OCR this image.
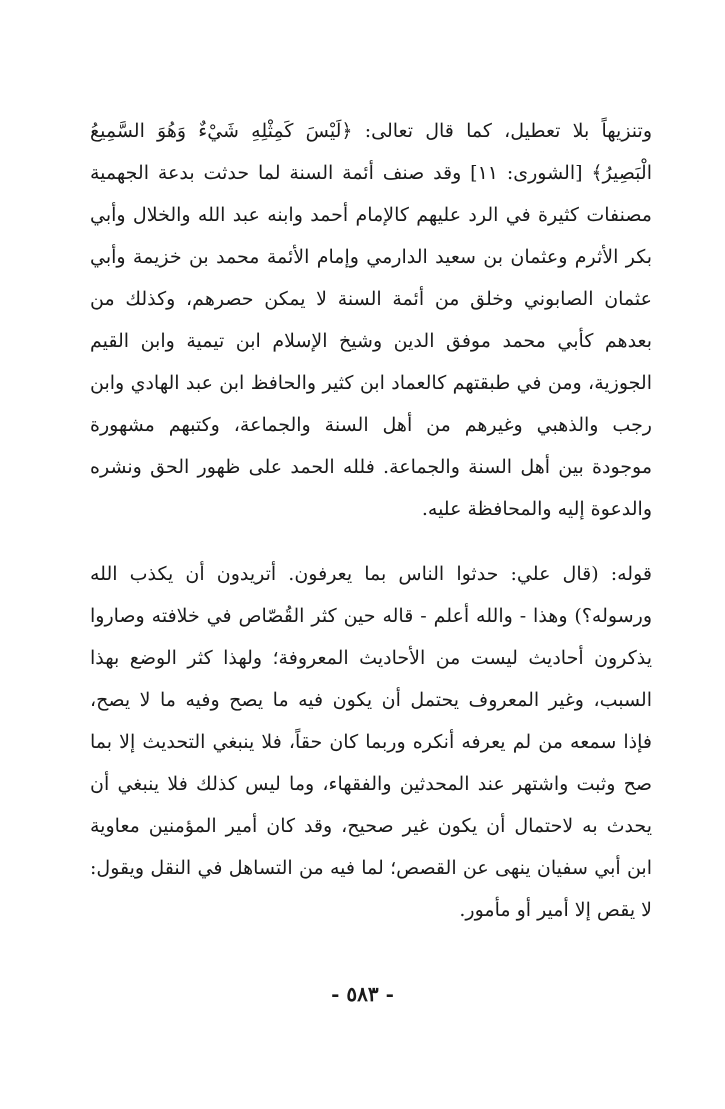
وتنزيهاً بلا تعطيل، كما قال تعالى: ﴿لَيْسَ كَمِثْلِهِ شَيْءٌ وَهُوَ السَّمِيعُ
الْبَصِيرُ﴾ [الشورى: ١١] وقد صنف أئمة السنة لما حدثت بدعة الجهمية
مصنفات كثيرة في الرد عليهم كالإمام أحمد وابنه عبد الله والخلال وأبي
بكر الأثرم وعثمان بن سعيد الدارمي وإمام الأئمة محمد بن خزيمة وأبي
عثمان الصابوني وخلق من أئمة السنة لا يمكن حصرهم، وكذلك من
بعدهم كأبي محمد موفق الدين وشيخ الإسلام ابن تيمية وابن القيم
الجوزية، ومن في طبقتهم كالعماد ابن كثير والحافظ ابن عبد الهادي وابن
رجب والذهبي وغيرهم من أهل السنة والجماعة، وكتبهم مشهورة
موجودة بين أهل السنة والجماعة. فلله الحمد على ظهور الحق ونشره
والدعوة إليه والمحافظة عليه.
قوله: (قال علي: حدثوا الناس بما يعرفون. أتريدون أن يكذب الله
ورسوله؟) وهذا - والله أعلم - قاله حين كثر القُصّاص في خلافته وصاروا
يذكرون أحاديث ليست من الأحاديث المعروفة؛ ولهذا كثر الوضع بهذا
السبب، وغير المعروف يحتمل أن يكون فيه ما يصح وفيه ما لا يصح،
فإذا سمعه من لم يعرفه أنكره وربما كان حقاً، فلا ينبغي التحديث إلا بما
صح وثبت واشتهر عند المحدثين والفقهاء، وما ليس كذلك فلا ينبغي أن
يحدث به لاحتمال أن يكون غير صحيح، وقد كان أمير المؤمنين معاوية
ابن أبي سفيان ينهى عن القصص؛ لما فيه من التساهل في النقل ويقول:
لا يقص إلا أمير أو مأمور.
- ٥٨٣ -
